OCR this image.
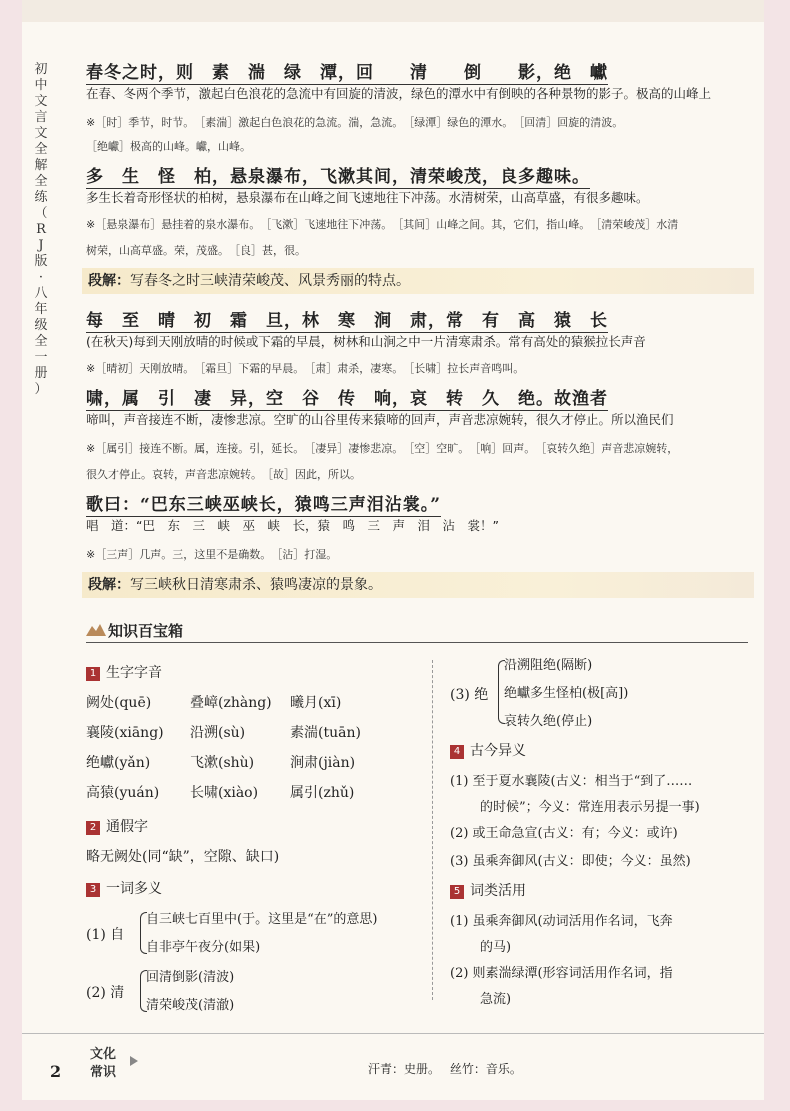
初
中
文
言
文
全
解
全
练
（
R
J
版
·
八
年
级
全
一
册
）
春冬之时，则　素　湍　绿　潭，回　　清　　倒　　影，绝　巘
在春、冬两个季节，激起白色浪花的急流中有回旋的清波，绿色的潭水中有倒映的各种景物的影子。极高的山峰上
※［时］季节，时节。　［素湍］激起白色浪花的急流。湍，急流。　［绿潭］绿色的潭水。　［回清］回旋的清波。
［绝巘］极高的山峰。巘，山峰。
多　生　怪　柏，悬泉瀑布，飞漱其间，清荣峻茂，良多趣味。
多生长着奇形怪状的柏树，悬泉瀑布在山峰之间飞速地往下冲荡。水清树荣，山高草盛，有很多趣味。
※［悬泉瀑布］悬挂着的泉水瀑布。　［飞漱］飞速地往下冲荡。　［其间］山峰之间。其，它们，指山峰。　［清荣峻茂］水清
树荣，山高草盛。荣，茂盛。　［良］甚，很。
段解：写春冬之时三峡清荣峻茂、风景秀丽的特点。
每　至　晴　初　霜　旦，林　寒　涧　肃，常　有　高　猿　长
(在秋天)每到天刚放晴的时候或下霜的早晨，树林和山涧之中一片清寒肃杀。常有高处的猿猴拉长声音
※［晴初］天刚放晴。　［霜旦］下霜的早晨。　［肃］肃杀，凄寒。　［长啸］拉长声音鸣叫。
啸，属　引　凄　异，空　谷　传　响，哀　转　久　绝。故渔者
啼叫，声音接连不断，凄惨悲凉。空旷的山谷里传来猿啼的回声，声音悲凉婉转，很久才停止。所以渔民们
※［属引］接连不断。属，连接。引，延长。　［凄异］凄惨悲凉。　［空］空旷。　［响］回声。　［哀转久绝］声音悲凉婉转，
很久才停止。哀转，声音悲凉婉转。　［故］因此，所以。
歌曰：“巴东三峡巫峡长，猿鸣三声泪沾裳。”
唱　道：“巴　东　三　峡　巫　峡　长，猿　鸣　三　声　泪　沾　裳！”
※［三声］几声。三，这里不是确数。　［沾］打湿。
段解：写三峡秋日清寒肃杀、猿鸣凄凉的景象。
知识百宝箱
1 生字字音
阙处(quē)	叠嶂(zhàng) 曦月(xī)
襄陵(xiāng) 沿溯(sù)	素湍(tuān)
绝巘(yǎn)	飞漱(shù)	涧肃(jiàn)
高猿(yuán) 长啸(xiào) 属引(zhǔ)
2 通假字
略无阙处(同“缺”，空隙、缺口)
3 一词多义
(1) 自
自三峡七百里中(于。这里是“在”的意思)
自非亭午夜分(如果)
(2) 清
回清倒影(清波)
清荣峻茂(清澈)
(3) 绝
沿溯阻绝(隔断)
绝巘多生怪柏(极[高])
哀转久绝(停止)
4 古今异义
(1) 至于夏水襄陵(古义：相当于“到了……
的时候”；今义：常连用表示另提一事)
(2) 或王命急宣(古义：有；今义：或许)
(3) 虽乘奔御风(古义：即使；今义：虽然)
5 词类活用
(1) 虽乘奔御风(动词活用作名词，飞奔
的马)
(2) 则素湍绿潭(形容词活用作名词，指
急流)
2
文化
常识	汗青：史册。　 丝竹：音乐。
